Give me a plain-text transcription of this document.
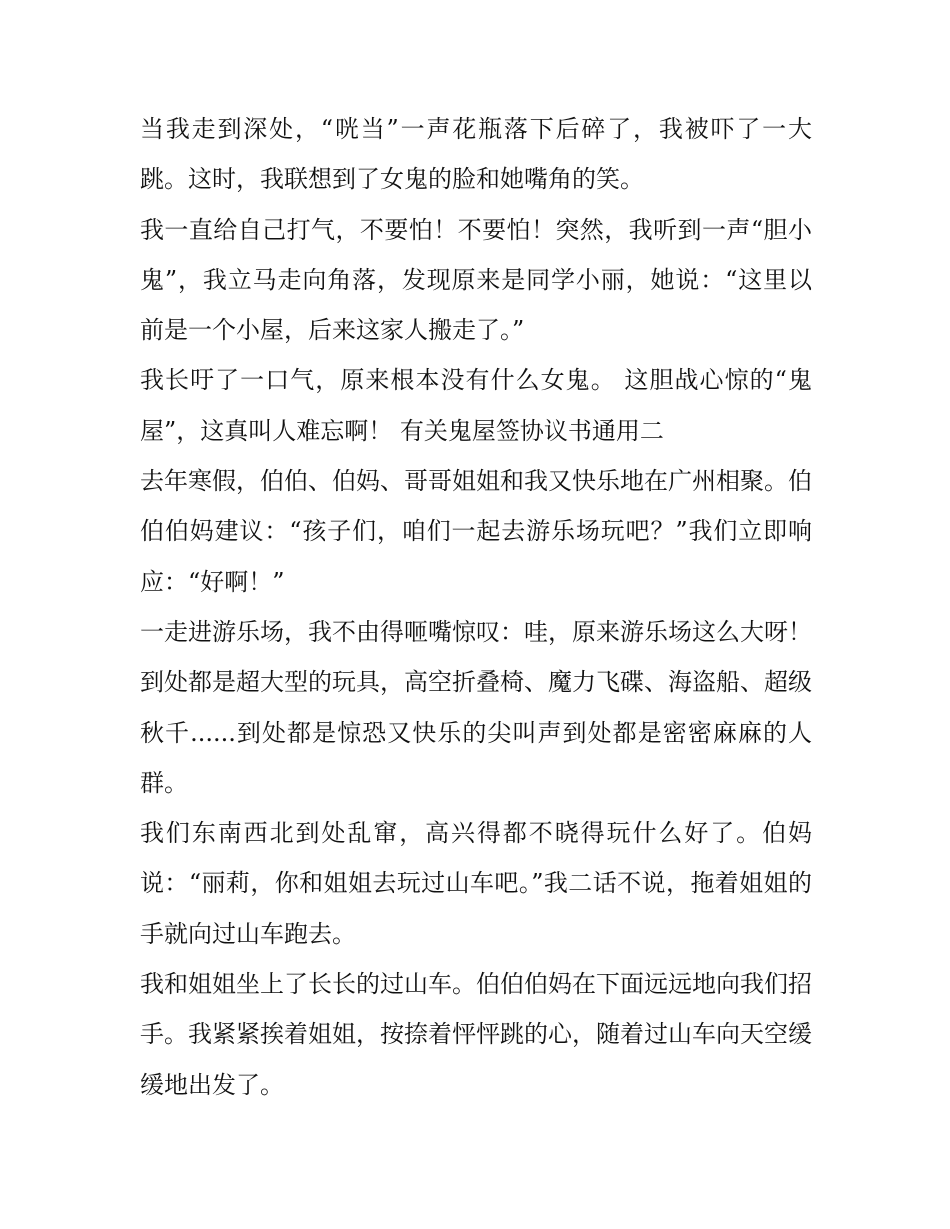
当我走到深处，“咣当”一声花瓶落下后碎了，我被吓了一大跳。这时，我联想到了女鬼的脸和她嘴角的笑。

我一直给自己打气，不要怕！不要怕！突然，我听到一声“胆小鬼”，我立马走向角落，发现原来是同学小丽，她说：“这里以前是一个小屋，后来这家人搬走了。”

我长吁了一口气，原来根本没有什么女鬼。 这胆战心惊的“鬼屋”，这真叫人难忘啊！ 有关鬼屋签协议书通用二

去年寒假，伯伯、伯妈、哥哥姐姐和我又快乐地在广州相聚。伯伯伯妈建议：“孩子们，咱们一起去游乐场玩吧？”我们立即响应：“好啊！”

一走进游乐场，我不由得咂嘴惊叹：哇，原来游乐场这么大呀！到处都是超大型的玩具，高空折叠椅、魔力飞碟、海盗船、超级秋千......到处都是惊恐又快乐的尖叫声到处都是密密麻麻的人群。

我们东南西北到处乱窜，高兴得都不晓得玩什么好了。伯妈说：“丽莉，你和姐姐去玩过山车吧。”我二话不说，拖着姐姐的手就向过山车跑去。

我和姐姐坐上了长长的过山车。伯伯伯妈在下面远远地向我们招手。我紧紧挨着姐姐，按捺着怦怦跳的心，随着过山车向天空缓缓地出发了。
